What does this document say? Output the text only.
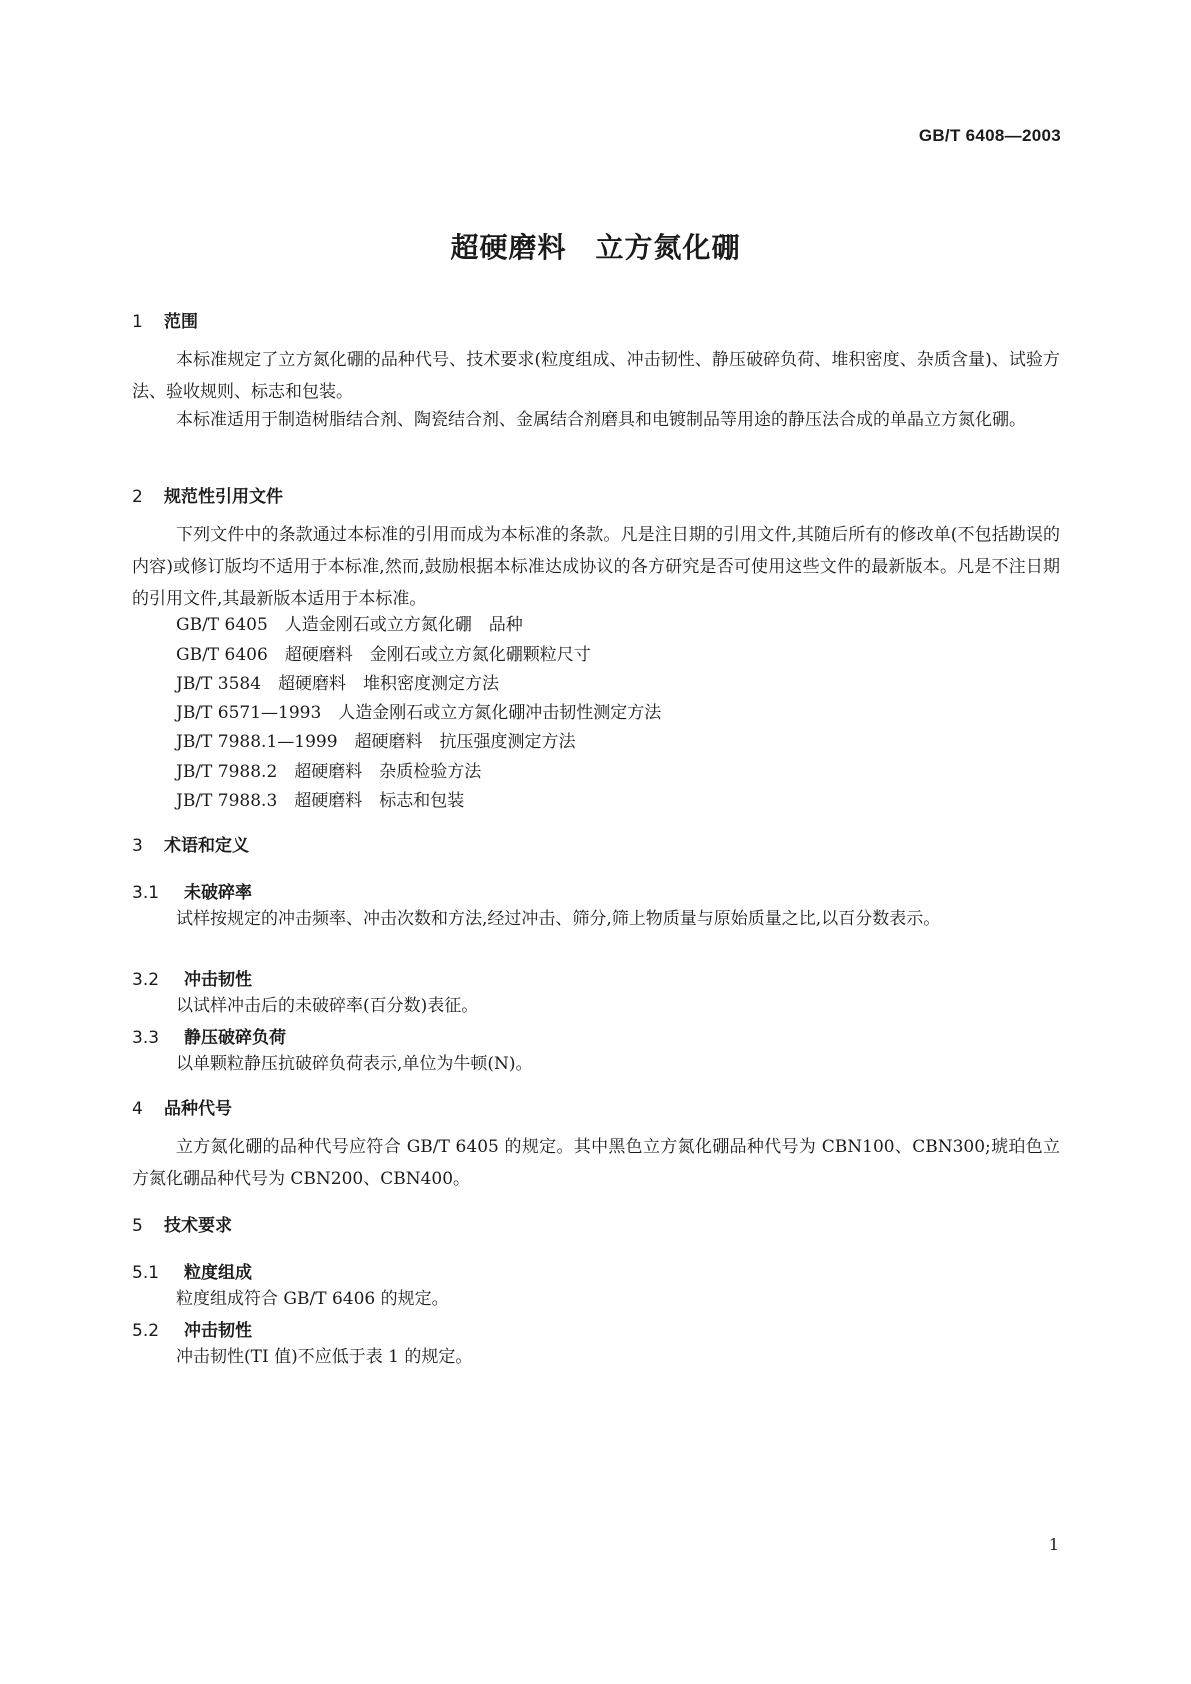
GB/T 6408—2003

超硬磨料　立方氮化硼
1 范围

本标准规定了立方氮化硼的品种代号、技术要求(粒度组成、冲击韧性、静压破碎负荷、堆积密度、杂质含量)、试验方法、验收规则、标志和包装。

本标准适用于制造树脂结合剂、陶瓷结合剂、金属结合剂磨具和电镀制品等用途的静压法合成的单晶立方氮化硼。

2 规范性引用文件

下列文件中的条款通过本标准的引用而成为本标准的条款。凡是注日期的引用文件,其随后所有的修改单(不包括勘误的内容)或修订版均不适用于本标准,然而,鼓励根据本标准达成协议的各方研究是否可使用这些文件的最新版本。凡是不注日期的引用文件,其最新版本适用于本标准。

GB/T 6405　人造金刚石或立方氮化硼　品种

GB/T 6406　超硬磨料　金刚石或立方氮化硼颗粒尺寸

JB/T 3584　超硬磨料　堆积密度测定方法

JB/T 6571—1993　人造金刚石或立方氮化硼冲击韧性测定方法

JB/T 7988.1—1999　超硬磨料　抗压强度测定方法

JB/T 7988.2　超硬磨料　杂质检验方法

JB/T 7988.3　超硬磨料　标志和包装

3 术语和定义
3.1 未破碎率

试样按规定的冲击频率、冲击次数和方法,经过冲击、筛分,筛上物质量与原始质量之比,以百分数表示。

3.2 冲击韧性

以试样冲击后的未破碎率(百分数)表征。

3.3 静压破碎负荷

以单颗粒静压抗破碎负荷表示,单位为牛顿(N)。

4 品种代号

立方氮化硼的品种代号应符合 GB/T 6405 的规定。其中黑色立方氮化硼品种代号为 CBN100、CBN300;琥珀色立方氮化硼品种代号为 CBN200、CBN400。

5 技术要求
5.1 粒度组成

粒度组成符合 GB/T 6406 的规定。

5.2 冲击韧性

冲击韧性(TI 值)不应低于表 1 的规定。

1
